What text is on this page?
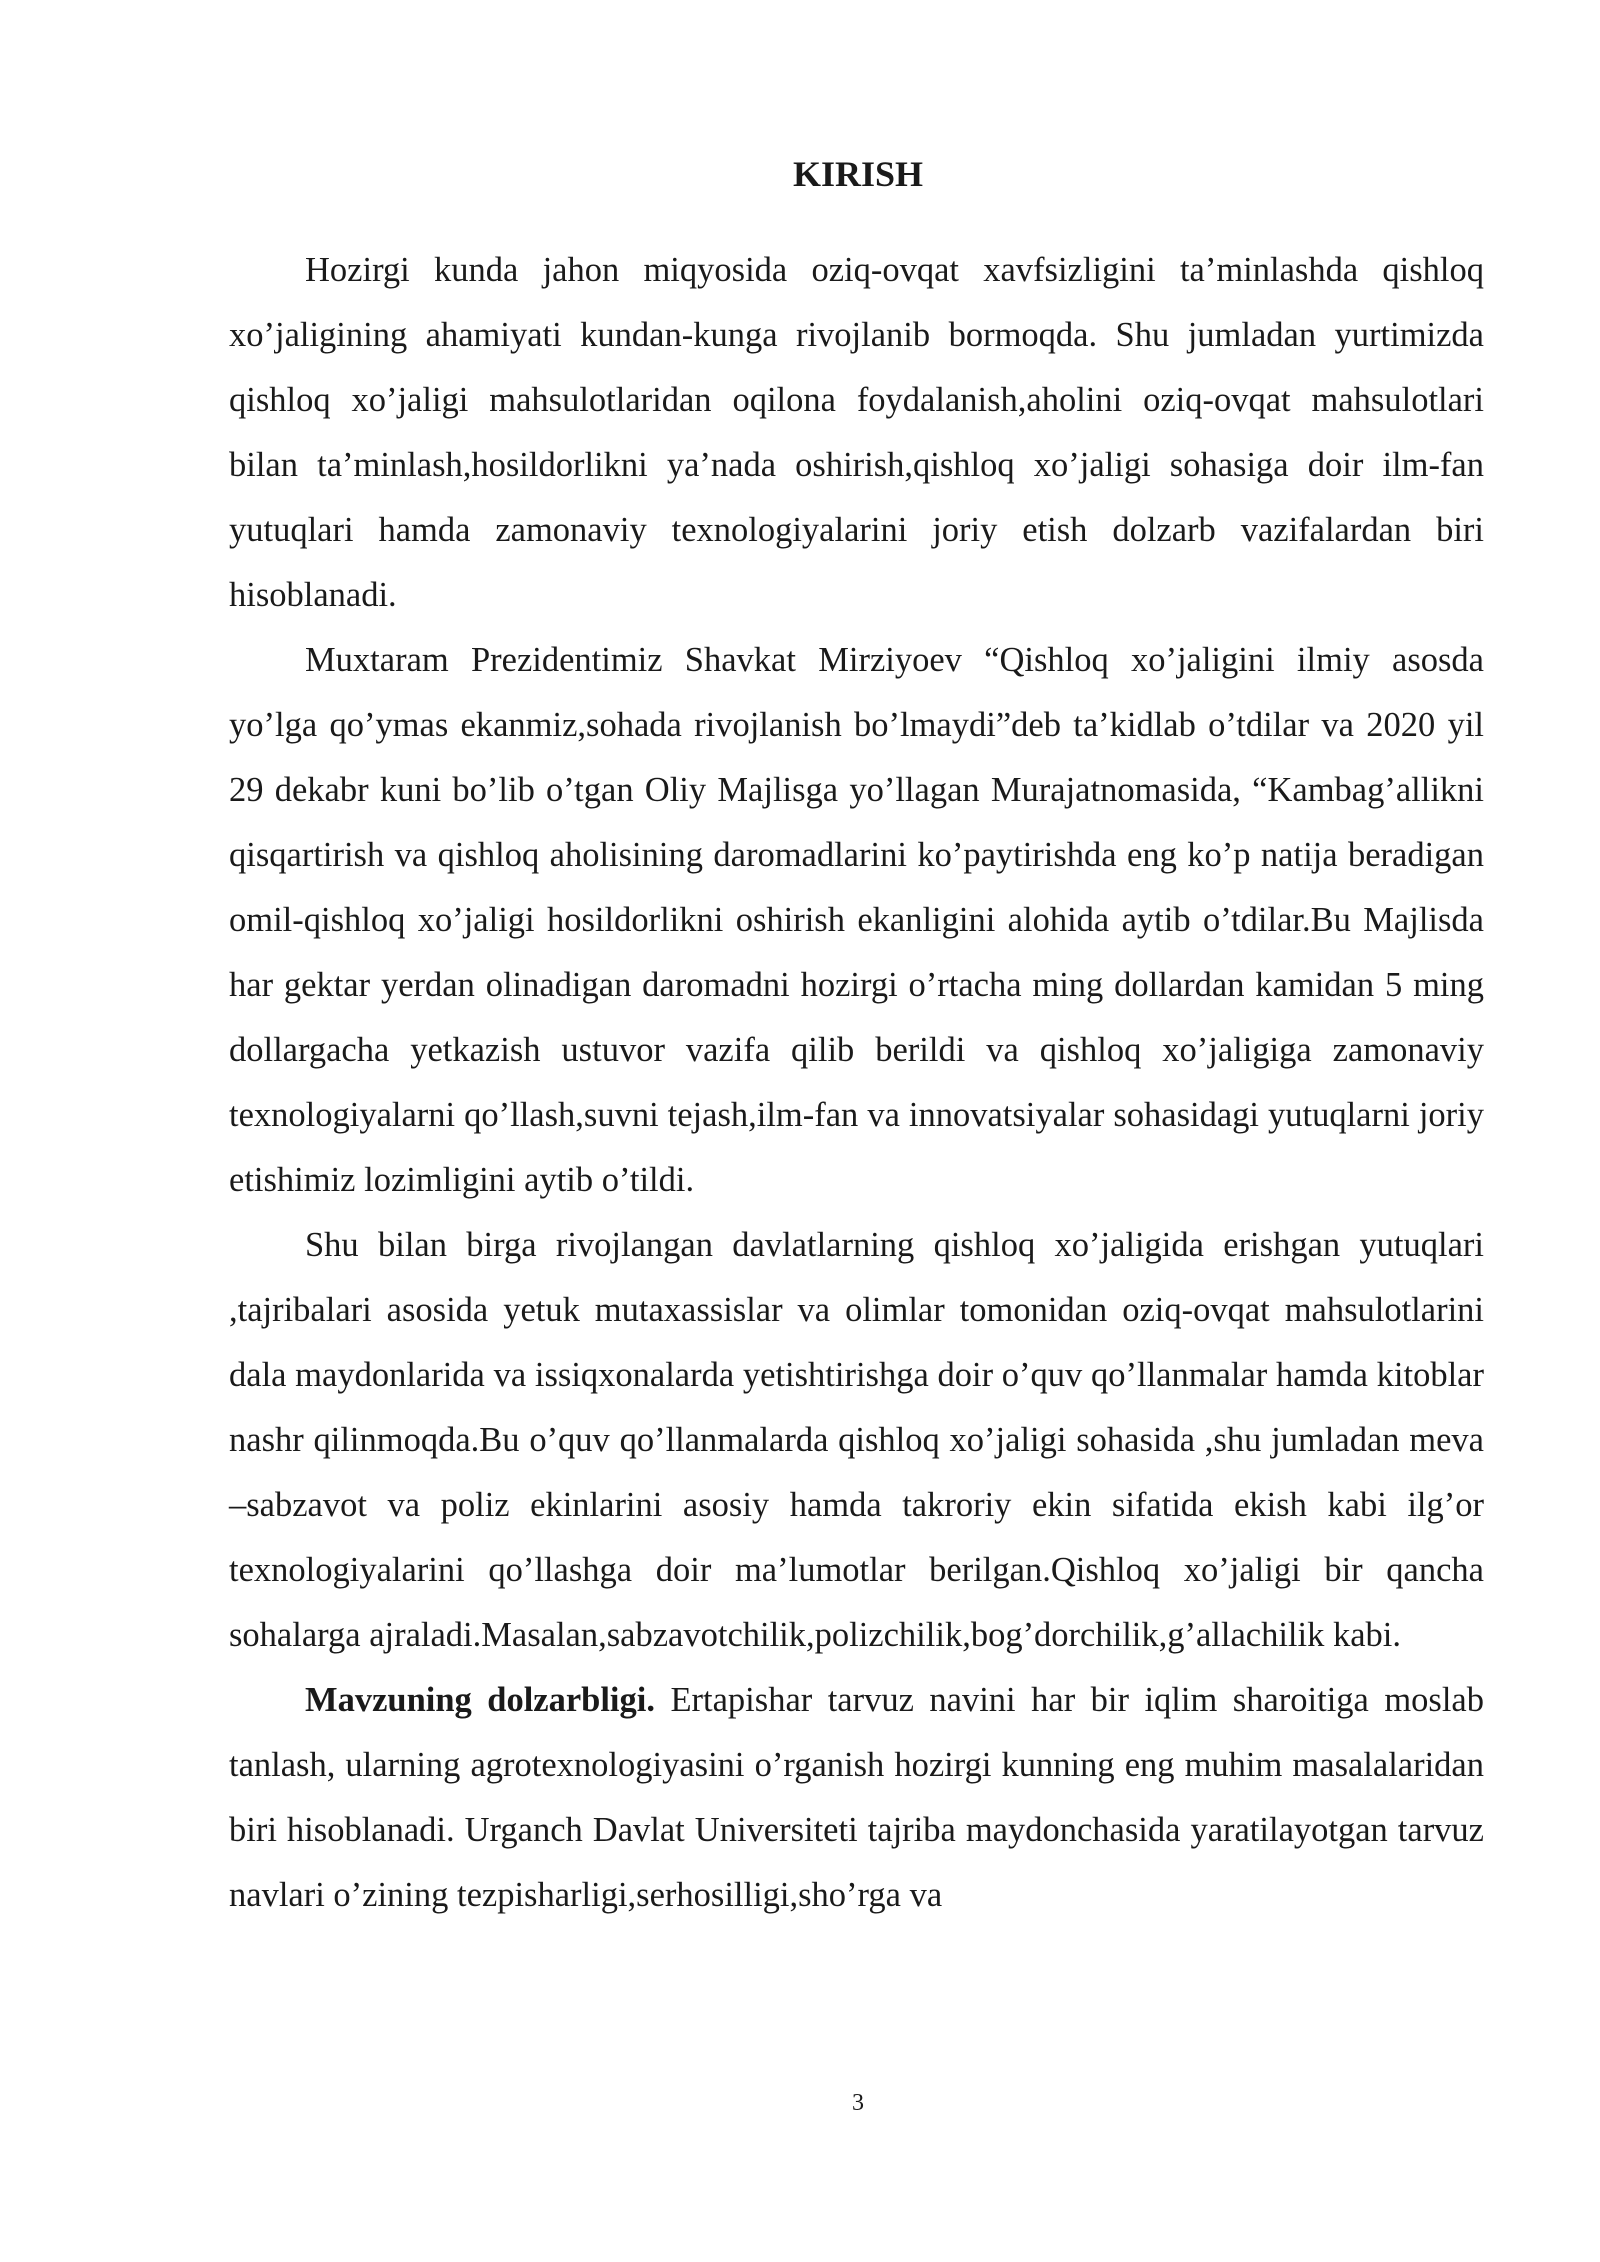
KIRISH

Hozirgi kunda jahon miqyosida oziq-ovqat xavfsizligini ta’minlashda qishloq xo’jaligining ahamiyati kundan-kunga rivojlanib bormoqda. Shu jumladan yurtimizda qishloq xo’jaligi mahsulotlaridan oqilona foydalanish,aholini oziq-ovqat mahsulotlari bilan ta’minlash,hosildorlikni ya’nada oshirish,qishloq xo’jaligi sohasiga doir ilm-fan yutuqlari hamda zamonaviy texnologiyalarini joriy etish dolzarb vazifalardan biri hisoblanadi.

Muxtaram Prezidentimiz Shavkat Mirziyoev “Qishloq xo’jaligini ilmiy asosda yo’lga qo’ymas ekanmiz,sohada rivojlanish bo’lmaydi”deb ta’kidlab o’tdilar va 2020 yil 29 dekabr kuni bo’lib o’tgan Oliy Majlisga yo’llagan Murajatnomasida, “Kambag’allikni qisqartirish va qishloq aholisining daromadlarini ko’paytirishda eng ko’p natija beradigan omil-qishloq xo’jaligi hosildorlikni oshirish ekanligini alohida aytib o’tdilar.Bu Majlisda har gektar yerdan olinadigan daromadni hozirgi o’rtacha ming dollardan kamidan 5 ming dollargacha yetkazish ustuvor vazifa qilib berildi va qishloq xo’jaligiga zamonaviy texnologiyalarni qo’llash,suvni tejash,ilm-fan va innovatsiyalar sohasidagi yutuqlarni joriy etishimiz lozimligini aytib o’tildi.

Shu bilan birga rivojlangan davlatlarning qishloq xo’jaligida erishgan yutuqlari ,tajribalari asosida yetuk mutaxassislar va olimlar tomonidan oziq-ovqat mahsulotlarini dala maydonlarida va issiqxonalarda yetishtirishga doir o’quv qo’llanmalar hamda kitoblar nashr qilinmoqda.Bu o’quv qo’llanmalarda qishloq xo’jaligi sohasida ,shu jumladan meva –sabzavot va poliz ekinlarini asosiy hamda takroriy ekin sifatida ekish kabi ilg’or texnologiyalarini qo’llashga doir ma’lumotlar berilgan.Qishloq xo’jaligi bir qancha sohalarga ajraladi.Masalan,sabzavotchilik,polizchilik,bog’dorchilik,g’allachilik kabi.

Mavzuning dolzarbligi. Ertapishar tarvuz navini har bir iqlim sharoitiga moslab tanlash, ularning agrotexnologiyasini o’rganish hozirgi kunning eng muhim masalalaridan biri hisoblanadi. Urganch Davlat Universiteti tajriba maydonchasida yaratilayotgan tarvuz navlari o’zining tezpisharligi,serhosilligi,sho’rga va

3
